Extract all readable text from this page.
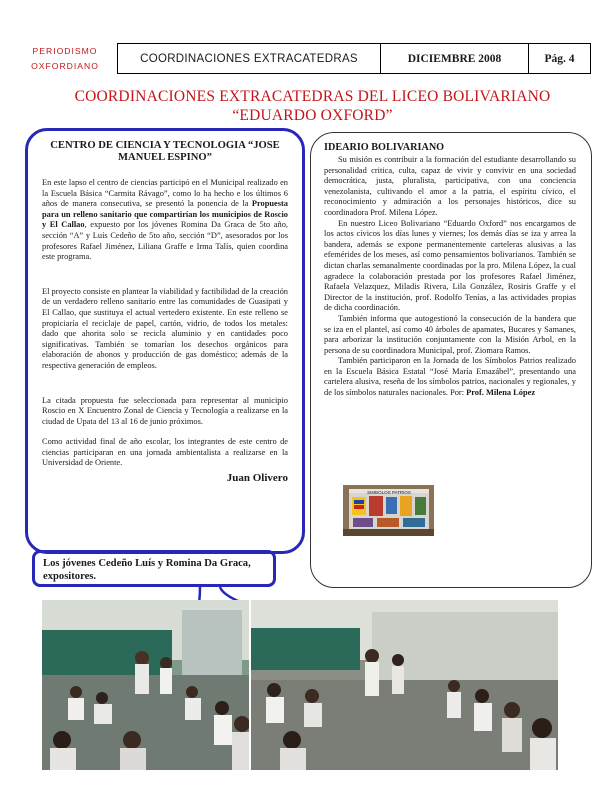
PERIODISMO
OXFORDIANO
COORDINACIONES EXTRACATEDRAS	DICIEMBRE 2008	Pág. 4
COORDINACIONES EXTRACATEDRAS DEL LICEO BOLIVARIANO “EDUARDO OXFORD”
CENTRO DE CIENCIA Y TECNOLOGIA “JOSE MANUEL ESPINO”

En este lapso el centro de ciencias participó en el Municipal realizado en la Escuela Básica “Carmita Rávago”, como lo ha hecho e los últimos 6 años de manera consecutiva, se presentó la ponencia de la Propuesta para un relleno sanitario que compartirían los municipios de Roscio y El Callao, expuesto por los jóvenes Romina Da Graca de 5to año, sección “A” y Luís Cedeño de 5to año, sección “D”, asesorados por los profesores Rafael Jiménez, Liliana Graffe e Irma Talís, quien coordina este programa.

El proyecto consiste en plantear la viabilidad y factibilidad de la creación de un verdadero relleno sanitario entre las comunidades de Guasipati y El Callao, que sustituya el actual vertedero existente. En este relleno se propiciaría el reciclaje de papel, cartón, vidrio, de todos los metales: dado que ahorita solo se recicla aluminio y en cantidades poco significativas. También se tomarían los desechos orgánicos para elaboración de abonos y producción de gas doméstico; además de la respectiva generación de empleos.

La citada propuesta fue seleccionada para representar al municipio Roscio en X Encuentro Zonal de Ciencia y Tecnología a realizarse en la ciudad de Upata del 13 al 16 de junio próximos.

Como actividad final de año escolar, los integrantes de este centro de ciencias participaran en una jornada ambientalista a realizarse en la Universidad de Oriente.

Juan Olivero
IDEARIO BOLIVARIANO

Su misión es contribuir a la formación del estudiante desarrollando su personalidad critica, culta, capaz de vivir y convivir en una sociedad democrática, justa, pluralista, participativa, con una conciencia venezolanista, cultivando el amor a la patria, el espíritu cívico, el reconocimiento y admiración a los personajes históricos, dice su coordinadora Prof. Milena López.

En nuestro Liceo Bolivariano “Eduardo Oxford” nos encargamos de los actos cívicos los días lunes y viernes; los demás días se iza y arrea la bandera, además se expone permanentemente carteleras alusivas a las efemérides de los meses, así como pensamientos bolivarianos. También se dictan charlas semanalmente coordinadas por la pro. Milena López, la cual agradece la colaboración prestada por los profesores Rafael Jiménez, Rafaela Velazquez, Miladis Rivera, Lila González, Rosiris Graffe y el Director de la institución, prof. Rodolfo Tenías, a las actividades propias de dicha coordinación.

También informa que autogestionó la consecución de la bandera que se iza en el plantel, así como 40 árboles de apamates, Bucares y Samanes, para arborizar la institución conjuntamente con la Misión Arbol, en la persona de su coordinadora Municipal, prof. Ziomara Ramos.

También participaron en la Jornada de los Símbolos Patrios realizado en la Escuela Básica Estatal “José María Emazábel”, presentando una cartelera alusiva, reseña de los símbolos patrios, nacionales y regionales, y de los símbolos naturales nacionales. Por: Prof. Milena López

SIMBOLOS PATRIOS
Los jóvenes Cedeño Luís y Romina Da Graca, expositores.
